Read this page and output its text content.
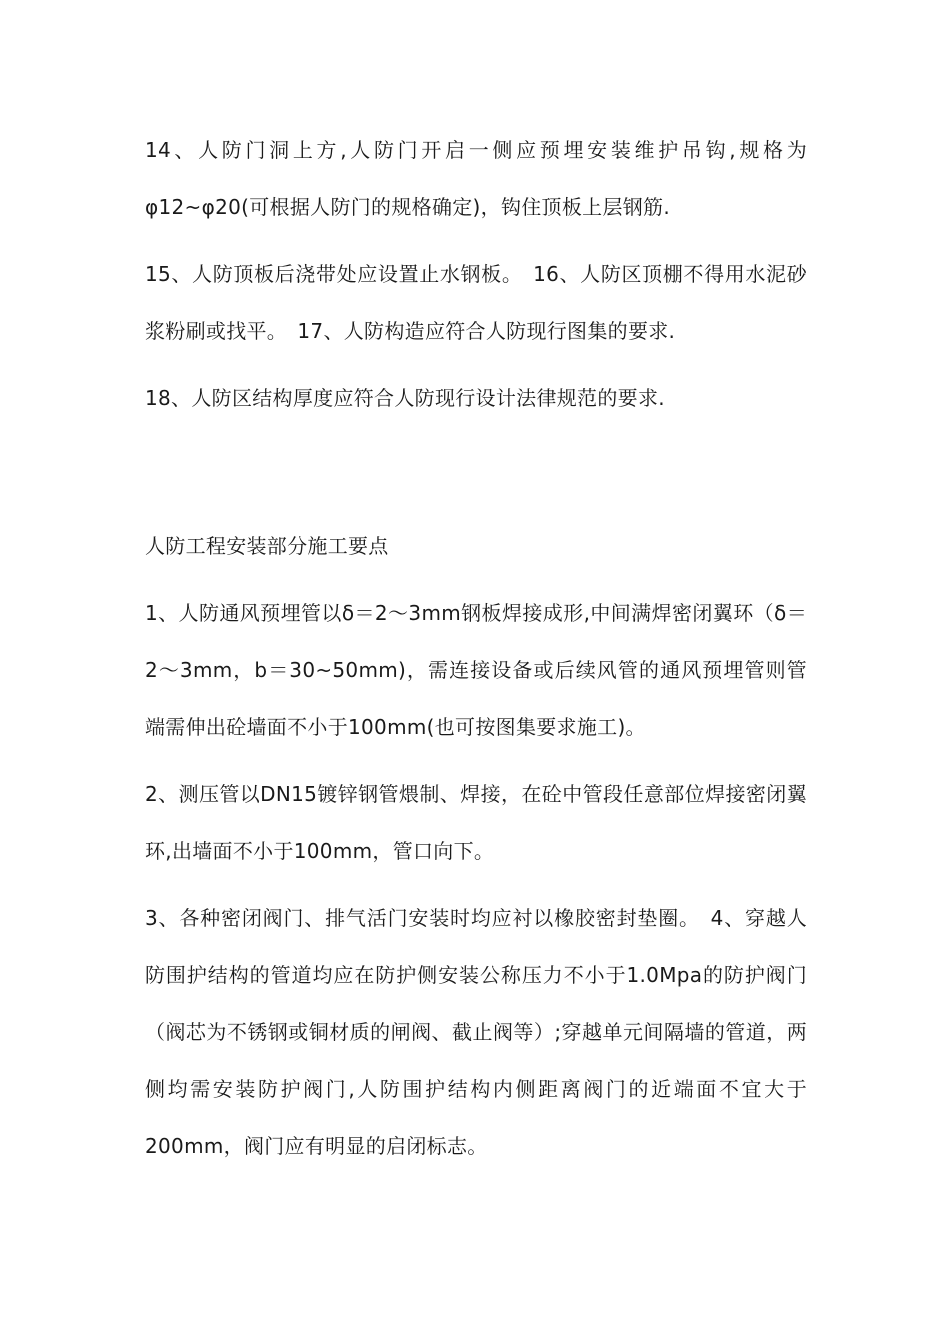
14、人防门洞上方,人防门开启一侧应预埋安装维护吊钩,规格为φ12~φ20(可根据人防门的规格确定)，钩住顶板上层钢筋.

15、人防顶板后浇带处应设置止水钢板。　16、人防区顶棚不得用水泥砂浆粉刷或找平。　17、人防构造应符合人防现行图集的要求.

18、人防区结构厚度应符合人防现行设计法律规范的要求.

人防工程安装部分施工要点

1、人防通风预埋管以δ＝2～3mm钢板焊接成形,中间满焊密闭翼环（δ＝2～3mm，b＝30~50mm)，需连接设备或后续风管的通风预埋管则管端需伸出砼墙面不小于100mm(也可按图集要求施工)。

2、测压管以DN15镀锌钢管煨制、焊接，在砼中管段任意部位焊接密闭翼环,出墙面不小于100mm，管口向下。

3、各种密闭阀门、排气活门安装时均应衬以橡胶密封垫圈。　4、穿越人防围护结构的管道均应在防护侧安装公称压力不小于1.0Mpa的防护阀门（阀芯为不锈钢或铜材质的闸阀、截止阀等）;穿越单元间隔墙的管道，两侧均需安装防护阀门,人防围护结构内侧距离阀门的近端面不宜大于200mm，阀门应有明显的启闭标志。
